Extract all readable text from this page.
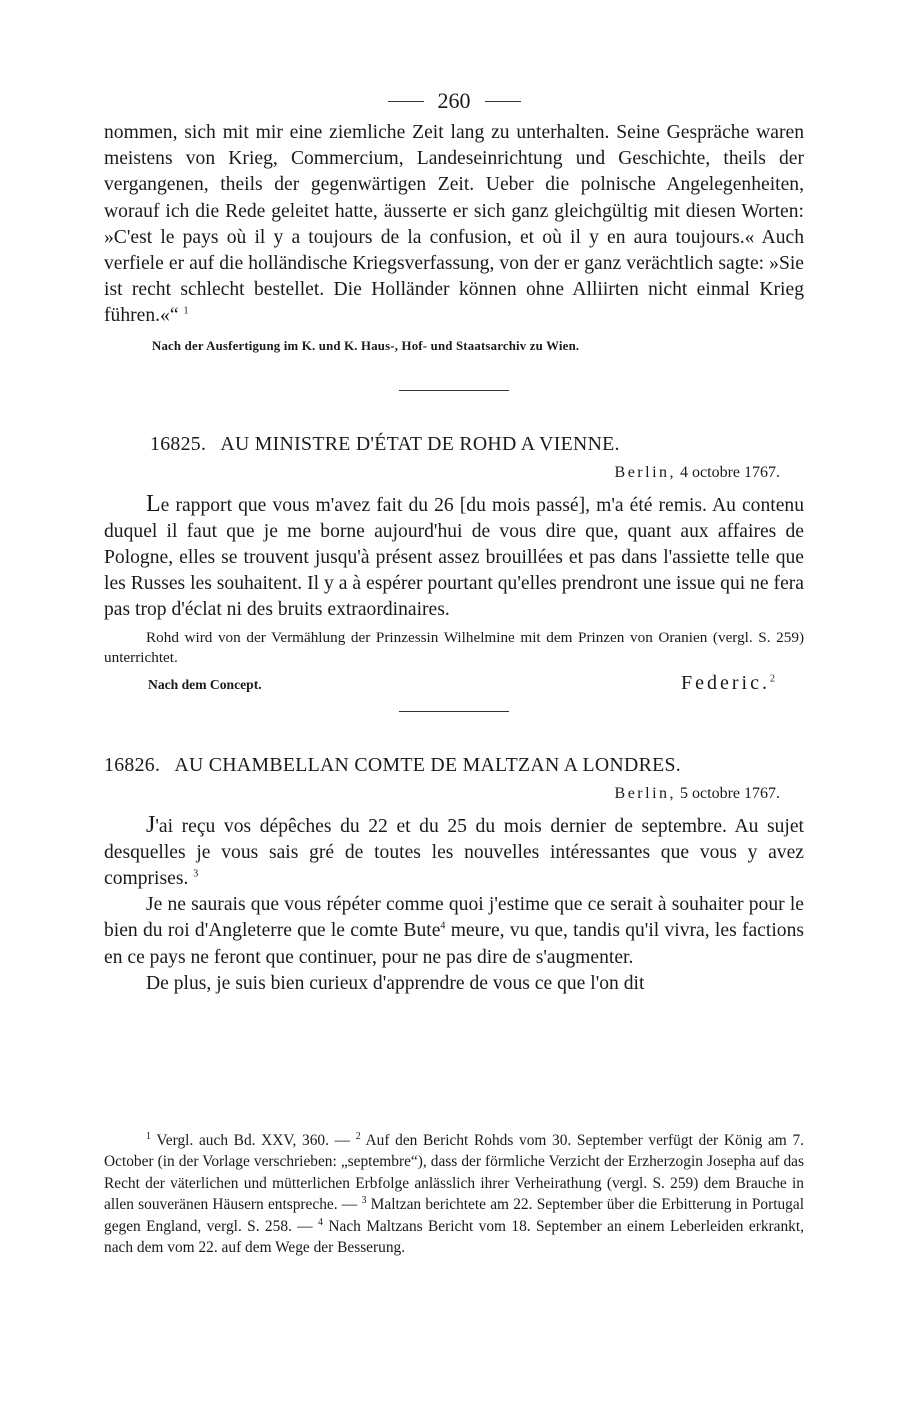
260

nommen, sich mit mir eine ziemliche Zeit lang zu unterhalten. Seine Gespräche waren meistens von Krieg, Commercium, Landeseinrichtung und Geschichte, theils der vergangenen, theils der gegenwärtigen Zeit. Ueber die polnische Angelegenheiten, worauf ich die Rede geleitet hatte, äusserte er sich ganz gleichgültig mit diesen Worten: »C'est le pays où il y a toujours de la confusion, et où il y en aura toujours.« Auch verfiele er auf die holländische Kriegsverfassung, von der er ganz verächtlich sagte: »Sie ist recht schlecht bestellet. Die Holländer können ohne Alliirten nicht einmal Krieg führen.«“ $^1$

Nach der Ausfertigung im K. und K. Haus-, Hof- und Staatsarchiv zu Wien.
16825. AU MINISTRE D'ÉTAT DE ROHD A VIENNE.
Berlin, 4 octobre 1767.

Le rapport que vous m'avez fait du 26 [du mois passé], m'a été remis. Au contenu duquel il faut que je me borne aujourd'hui de vous dire que, quant aux affaires de Pologne, elles se trouvent jusqu'à présent assez brouillées et pas dans l'assiette telle que les Russes les souhaitent. Il y a à espérer pourtant qu'elles prendront une issue qui ne fera pas trop d'éclat ni des bruits extraordinaires.

Rohd wird von der Vermählung der Prinzessin Wilhelmine mit dem Prinzen von Oranien (vergl. S. 259) unterrichtet.

Nach dem Concept.	Federic.$^2$
16826. AU CHAMBELLAN COMTE DE MALTZAN A LONDRES.
Berlin, 5 octobre 1767.

J'ai reçu vos dépêches du 22 et du 25 du mois dernier de septembre. Au sujet desquelles je vous sais gré de toutes les nouvelles intéressantes que vous y avez comprises. $^3$

Je ne saurais que vous répéter comme quoi j'estime que ce serait à souhaiter pour le bien du roi d'Angleterre que le comte Bute$^4$ meure, vu que, tandis qu'il vivra, les factions en ce pays ne feront que continuer, pour ne pas dire de s'augmenter.

De plus, je suis bien curieux d'apprendre de vous ce que l'on dit

$^1$ Vergl. auch Bd. XXV, 360. — $^2$ Auf den Bericht Rohds vom 30. September verfügt der König am 7. October (in der Vorlage verschrieben: „septembre“), dass der förmliche Verzicht der Erzherzogin Josepha auf das Recht der väterlichen und mütterlichen Erbfolge anlässlich ihrer Verheirathung (vergl. S. 259) dem Brauche in allen souveränen Häusern entspreche. — $^3$ Maltzan berichtete am 22. September über die Erbitterung in Portugal gegen England, vergl. S. 258. — $^4$ Nach Maltzans Bericht vom 18. September an einem Leberleiden erkrankt, nach dem vom 22. auf dem Wege der Besserung.
